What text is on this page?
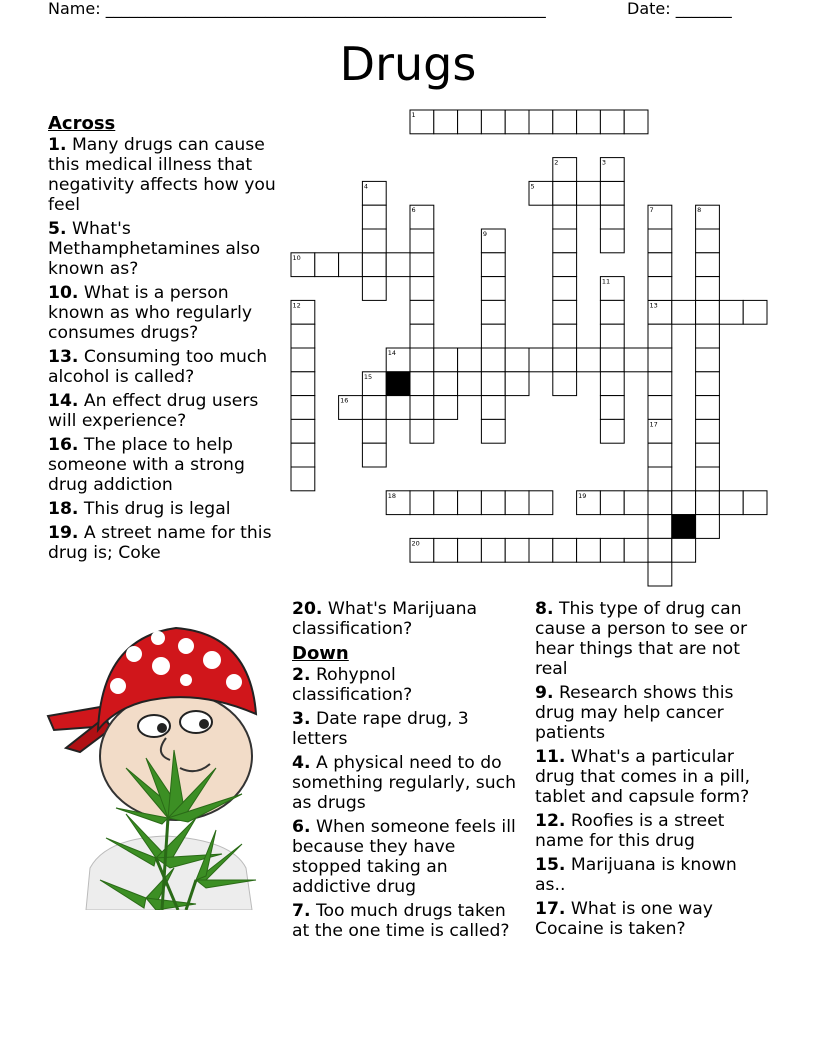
Name: _______________________________________________________	Date: _______
Drugs
Across
1. Many drugs can cause this medical illness that negativity affects how you feel
5. What's Methamphetamines also known as?
10. What is a person known as who regularly consumes drugs?
13. Consuming too much alcohol is called?
14. An effect drug users will experience?
16. The place to help someone with a strong drug addiction
18. This drug is legal
19. A street name for this drug is; Coke
20. What's Marijuana classification?
Down
2. Rohypnol classification?
3. Date rape drug, 3 letters
4. A physical need to do something regularly, such as drugs
6. When someone feels ill because they have stopped taking an addictive drug
7. Too much drugs taken at the one time is called?
8. This type of drug can cause a person to see or hear things that are not real
9. Research shows this drug may help cancer patients
11. What's a particular drug that comes in a pill, tablet and capsule form?
12. Roofies is a street name for this drug
15. Marijuana is known as..
17. What is one way Cocaine is taken?
1
2	3
4	5
6	7	8
9
10
11
12	13
14
15
16
17
18	19
20
